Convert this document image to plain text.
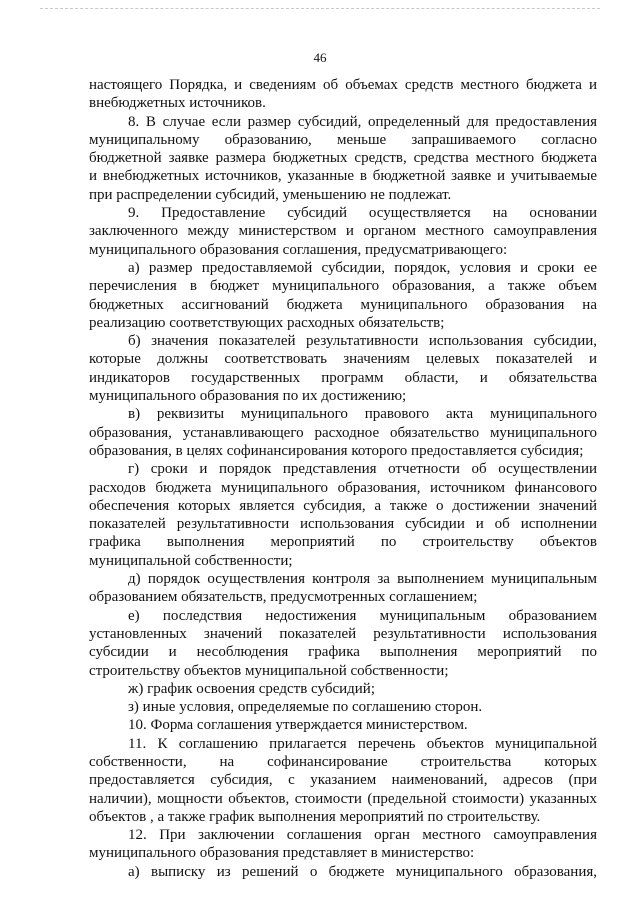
46

настоящего Порядка, и сведениям об объемах средств местного бюджета и

внебюджетных источников.

8. В случае если размер субсидий, определенный для предоставления

муниципальному образованию, меньше запрашиваемого согласно

бюджетной заявке размера бюджетных средств, средства местного бюджета

и внебюджетных источников, указанные в бюджетной заявке и учитываемые

при распределении субсидий, уменьшению не подлежат.

9. Предоставление субсидий осуществляется на основании

заключенного между министерством и органом местного самоуправления

муниципального образования соглашения, предусматривающего:

а) размер предоставляемой субсидии, порядок, условия и сроки ее

перечисления в бюджет муниципального образования, а также объем

бюджетных ассигнований бюджета муниципального образования на

реализацию соответствующих расходных обязательств;

б) значения показателей результативности использования субсидии,

которые должны соответствовать значениям целевых показателей и

индикаторов государственных программ области, и обязательства

муниципального образования по их достижению;

в) реквизиты муниципального правового акта муниципального

образования, устанавливающего расходное обязательство муниципального

образования, в целях софинансирования которого предоставляется субсидия;

г) сроки и порядок представления отчетности об осуществлении

расходов бюджета муниципального образования, источником финансового

обеспечения которых является субсидия, а также о достижении значений

показателей результативности использования субсидии и об исполнении

графика выполнения мероприятий по строительству объектов

муниципальной собственности;

д) порядок осуществления контроля за выполнением муниципальным

образованием обязательств, предусмотренных соглашением;

е) последствия недостижения муниципальным образованием

установленных значений показателей результативности использования

субсидии и несоблюдения графика выполнения мероприятий по

строительству объектов муниципальной собственности;

ж) график освоения средств субсидий;

з) иные условия, определяемые по соглашению сторон.

10. Форма соглашения утверждается министерством.

11. К соглашению прилагается перечень объектов муниципальной

собственности, на софинансирование строительства которых

предоставляется субсидия, с указанием наименований, адресов (при

наличии), мощности объектов, стоимости (предельной стоимости) указанных

объектов , а также график выполнения мероприятий по строительству.

12. При заключении соглашения орган местного самоуправления

муниципального образования представляет в министерство:

а) выписку из решений о бюджете муниципального образования,
